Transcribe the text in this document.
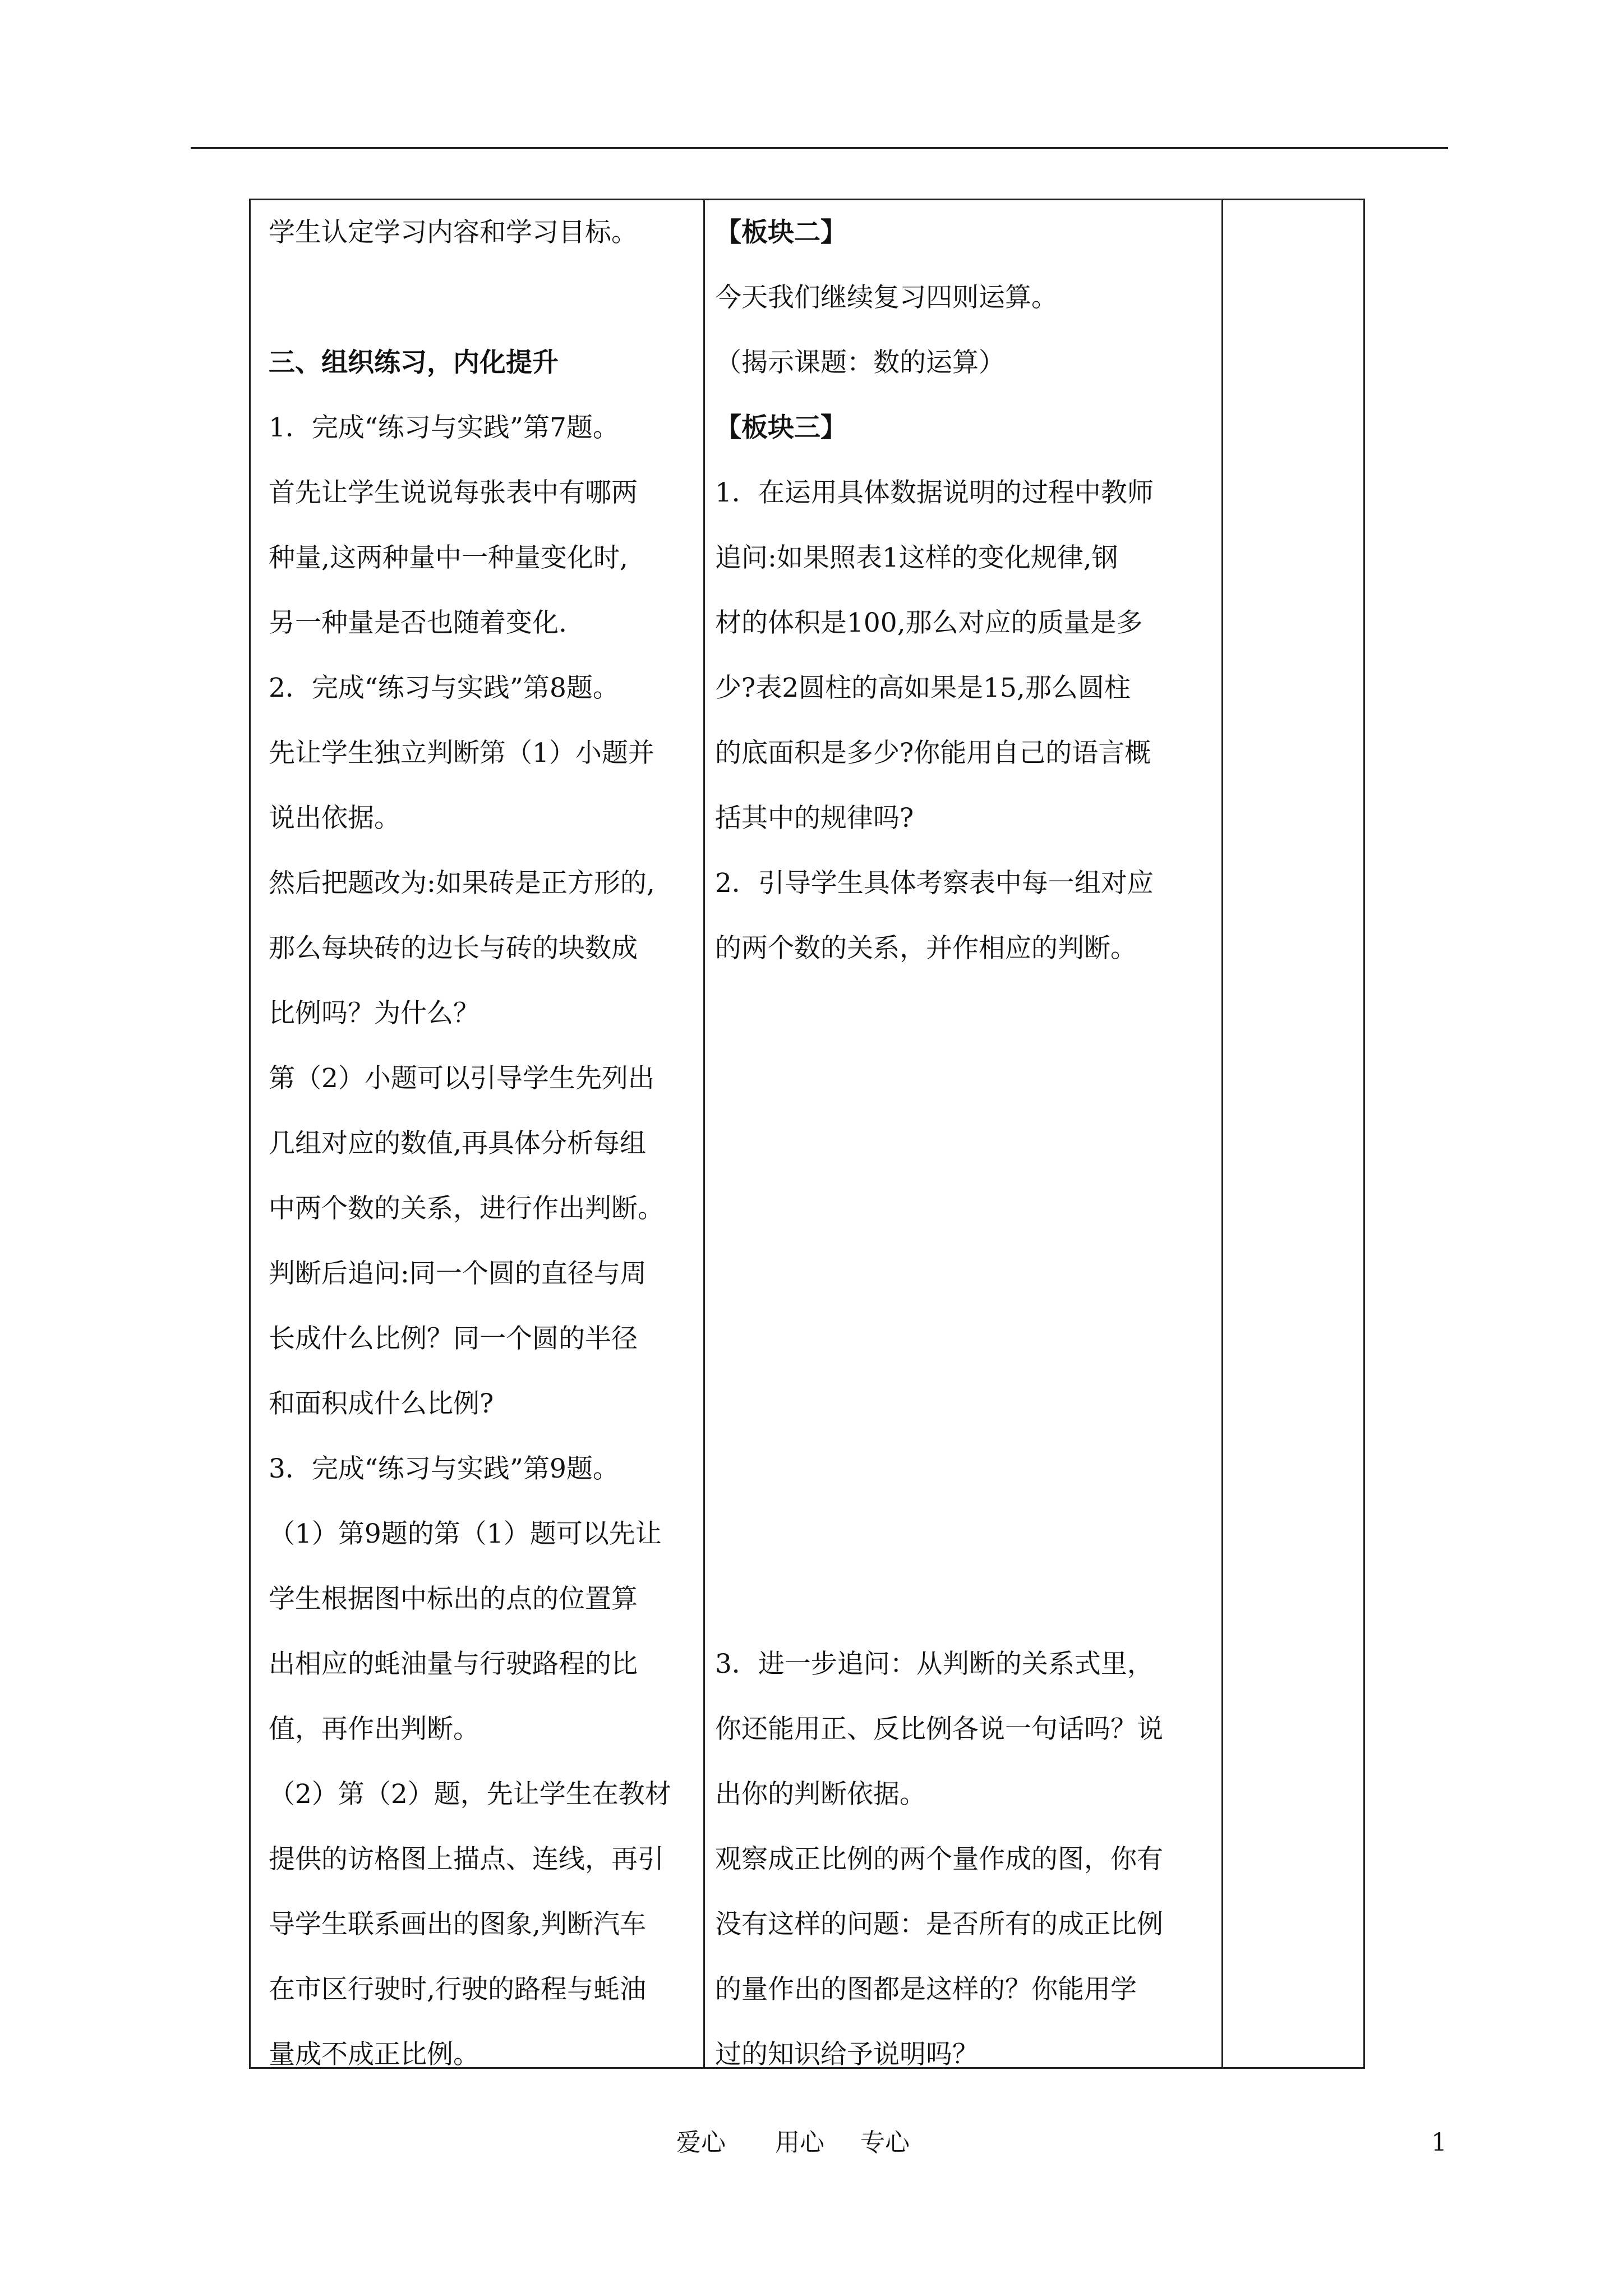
学生认定学习内容和学习目标。
三、组织练习，内化提升
1．完成“练习与实践”第7题。
首先让学生说说每张表中有哪两
种量,这两种量中一种量变化时,
另一种量是否也随着变化.
2．完成“练习与实践”第8题。
先让学生独立判断第（1）小题并
说出依据。
然后把题改为:如果砖是正方形的,
那么每块砖的边长与砖的块数成
比例吗？为什么？
第（2）小题可以引导学生先列出
几组对应的数值,再具体分析每组
中两个数的关系，进行作出判断。
判断后追问:同一个圆的直径与周
长成什么比例？同一个圆的半径
和面积成什么比例?
3．完成“练习与实践”第9题。
（1）第9题的第（1）题可以先让
学生根据图中标出的点的位置算
出相应的蚝油量与行驶路程的比
值，再作出判断。
（2）第（2）题，先让学生在教材
提供的访格图上描点、连线，再引
导学生联系画出的图象,判断汽车
在市区行驶时,行驶的路程与蚝油
量成不成正比例。
【板块二】
今天我们继续复习四则运算。
（揭示课题：数的运算）
【板块三】
1．在运用具体数据说明的过程中教师
追问:如果照表1这样的变化规律,钢
材的体积是100,那么对应的质量是多
少?表2圆柱的高如果是15,那么圆柱
的底面积是多少?你能用自己的语言概
括其中的规律吗?
2．引导学生具体考察表中每一组对应
的两个数的关系，并作相应的判断。
3．进一步追问：从判断的关系式里，
你还能用正、反比例各说一句话吗？说
出你的判断依据。
观察成正比例的两个量作成的图，你有
没有这样的问题：是否所有的成正比例
的量作出的图都是这样的？你能用学
过的知识给予说明吗？
爱心 用心 专心	1
